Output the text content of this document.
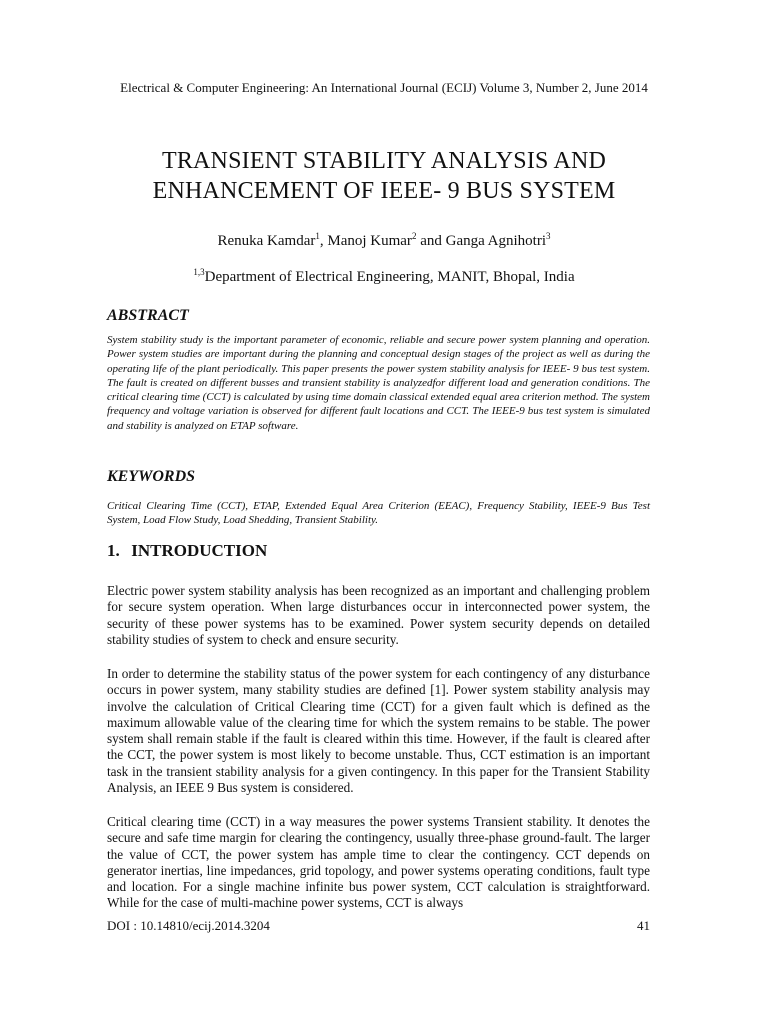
Electrical & Computer Engineering: An International Journal (ECIJ) Volume 3, Number 2, June 2014
TRANSIENT STABILITY ANALYSIS AND
ENHANCEMENT OF IEEE- 9 BUS SYSTEM
Renuka Kamdar$^1$, Manoj Kumar$^2$ and Ganga Agnihotri$^3$
$^{1,3}$Department of Electrical Engineering, MANIT, Bhopal, India
ABSTRACT
System stability study is the important parameter of economic, reliable and secure power system planning and operation. Power system studies are important during the planning and conceptual design stages of the project as well as during the operating life of the plant periodically. This paper presents the power system stability analysis for IEEE- 9 bus test system. The fault is created on different busses and transient stability is analyzedfor different load and generation conditions. The critical clearing time (CCT) is calculated by using time domain classical extended equal area criterion method. The system frequency and voltage variation is observed for different fault locations and CCT. The IEEE-9 bus test system is simulated and stability is analyzed on ETAP software.
KEYWORDS
Critical Clearing Time (CCT), ETAP, Extended Equal Area Criterion (EEAC), Frequency Stability, IEEE-9 Bus Test System, Load Flow Study, Load Shedding, Transient Stability.
1. INTRODUCTION
Electric power system stability analysis has been recognized as an important and challenging problem for secure system operation. When large disturbances occur in interconnected power system, the security of these power systems has to be examined. Power system security depends on detailed stability studies of system to check and ensure security.
In order to determine the stability status of the power system for each contingency of any disturbance occurs in power system, many stability studies are defined [1]. Power system stability analysis may involve the calculation of Critical Clearing time (CCT) for a given fault which is defined as the maximum allowable value of the clearing time for which the system remains to be stable. The power system shall remain stable if the fault is cleared within this time. However, if the fault is cleared after the CCT, the power system is most likely to become unstable. Thus, CCT estimation is an important task in the transient stability analysis for a given contingency. In this paper for the Transient Stability Analysis, an IEEE 9 Bus system is considered.
Critical clearing time (CCT) in a way measures the power systems Transient stability. It denotes the secure and safe time margin for clearing the contingency, usually three-phase ground-fault. The larger the value of CCT, the power system has ample time to clear the contingency. CCT depends on generator inertias, line impedances, grid topology, and power systems operating conditions, fault type and location. For a single machine infinite bus power system, CCT calculation is straightforward. While for the case of multi-machine power systems, CCT is always
DOI : 10.14810/ecij.2014.3204	41
